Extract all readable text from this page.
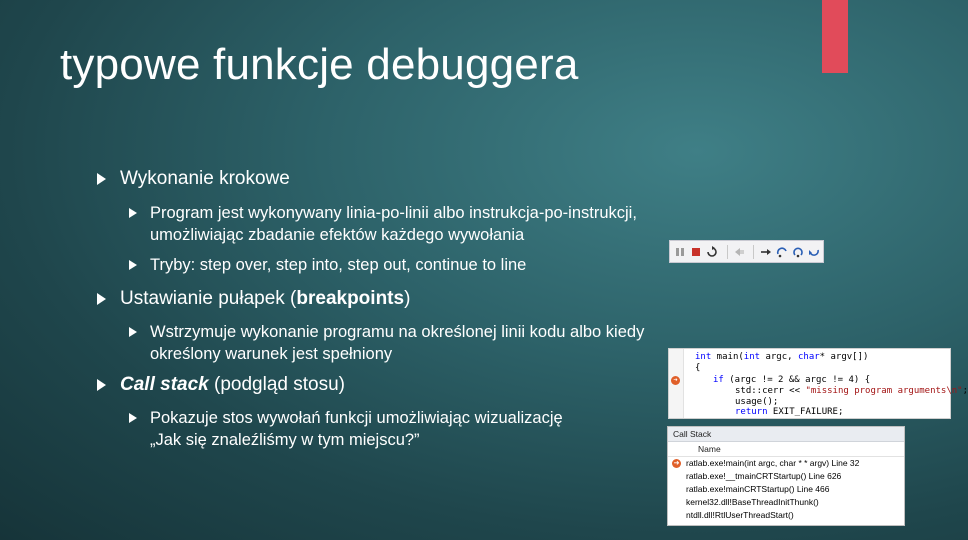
typowe funkcje debuggera
Wykonanie krokowe
Program jest wykonywany linia-po-linii albo instrukcja-po-instrukcji,
umożliwiając zbadanie efektów każdego wywołania
Tryby: step over, step into, step out, continue to line
Ustawianie pułapek (breakpoints)
Wstrzymuje wykonanie programu na określonej linii kodu albo kiedy
określony warunek jest spełniony
Call stack (podgląd stosu)
Pokazuje stos wywołań funkcji umożliwiając wizualizację
„Jak się znaleźliśmy w tym miejscu?”
➜
int main(int argc, char* argv[])
{
if (argc != 2 && argc != 4) {
std::cerr << "missing program arguments\n";
usage();
return EXIT_FAILURE;
Call Stack
Name
➜ ratlab.exe!main(int argc, char * * argv) Line 32
ratlab.exe!__tmainCRTStartup() Line 626
ratlab.exe!mainCRTStartup() Line 466
kernel32.dll!BaseThreadInitThunk()
ntdll.dll!RtlUserThreadStart()
